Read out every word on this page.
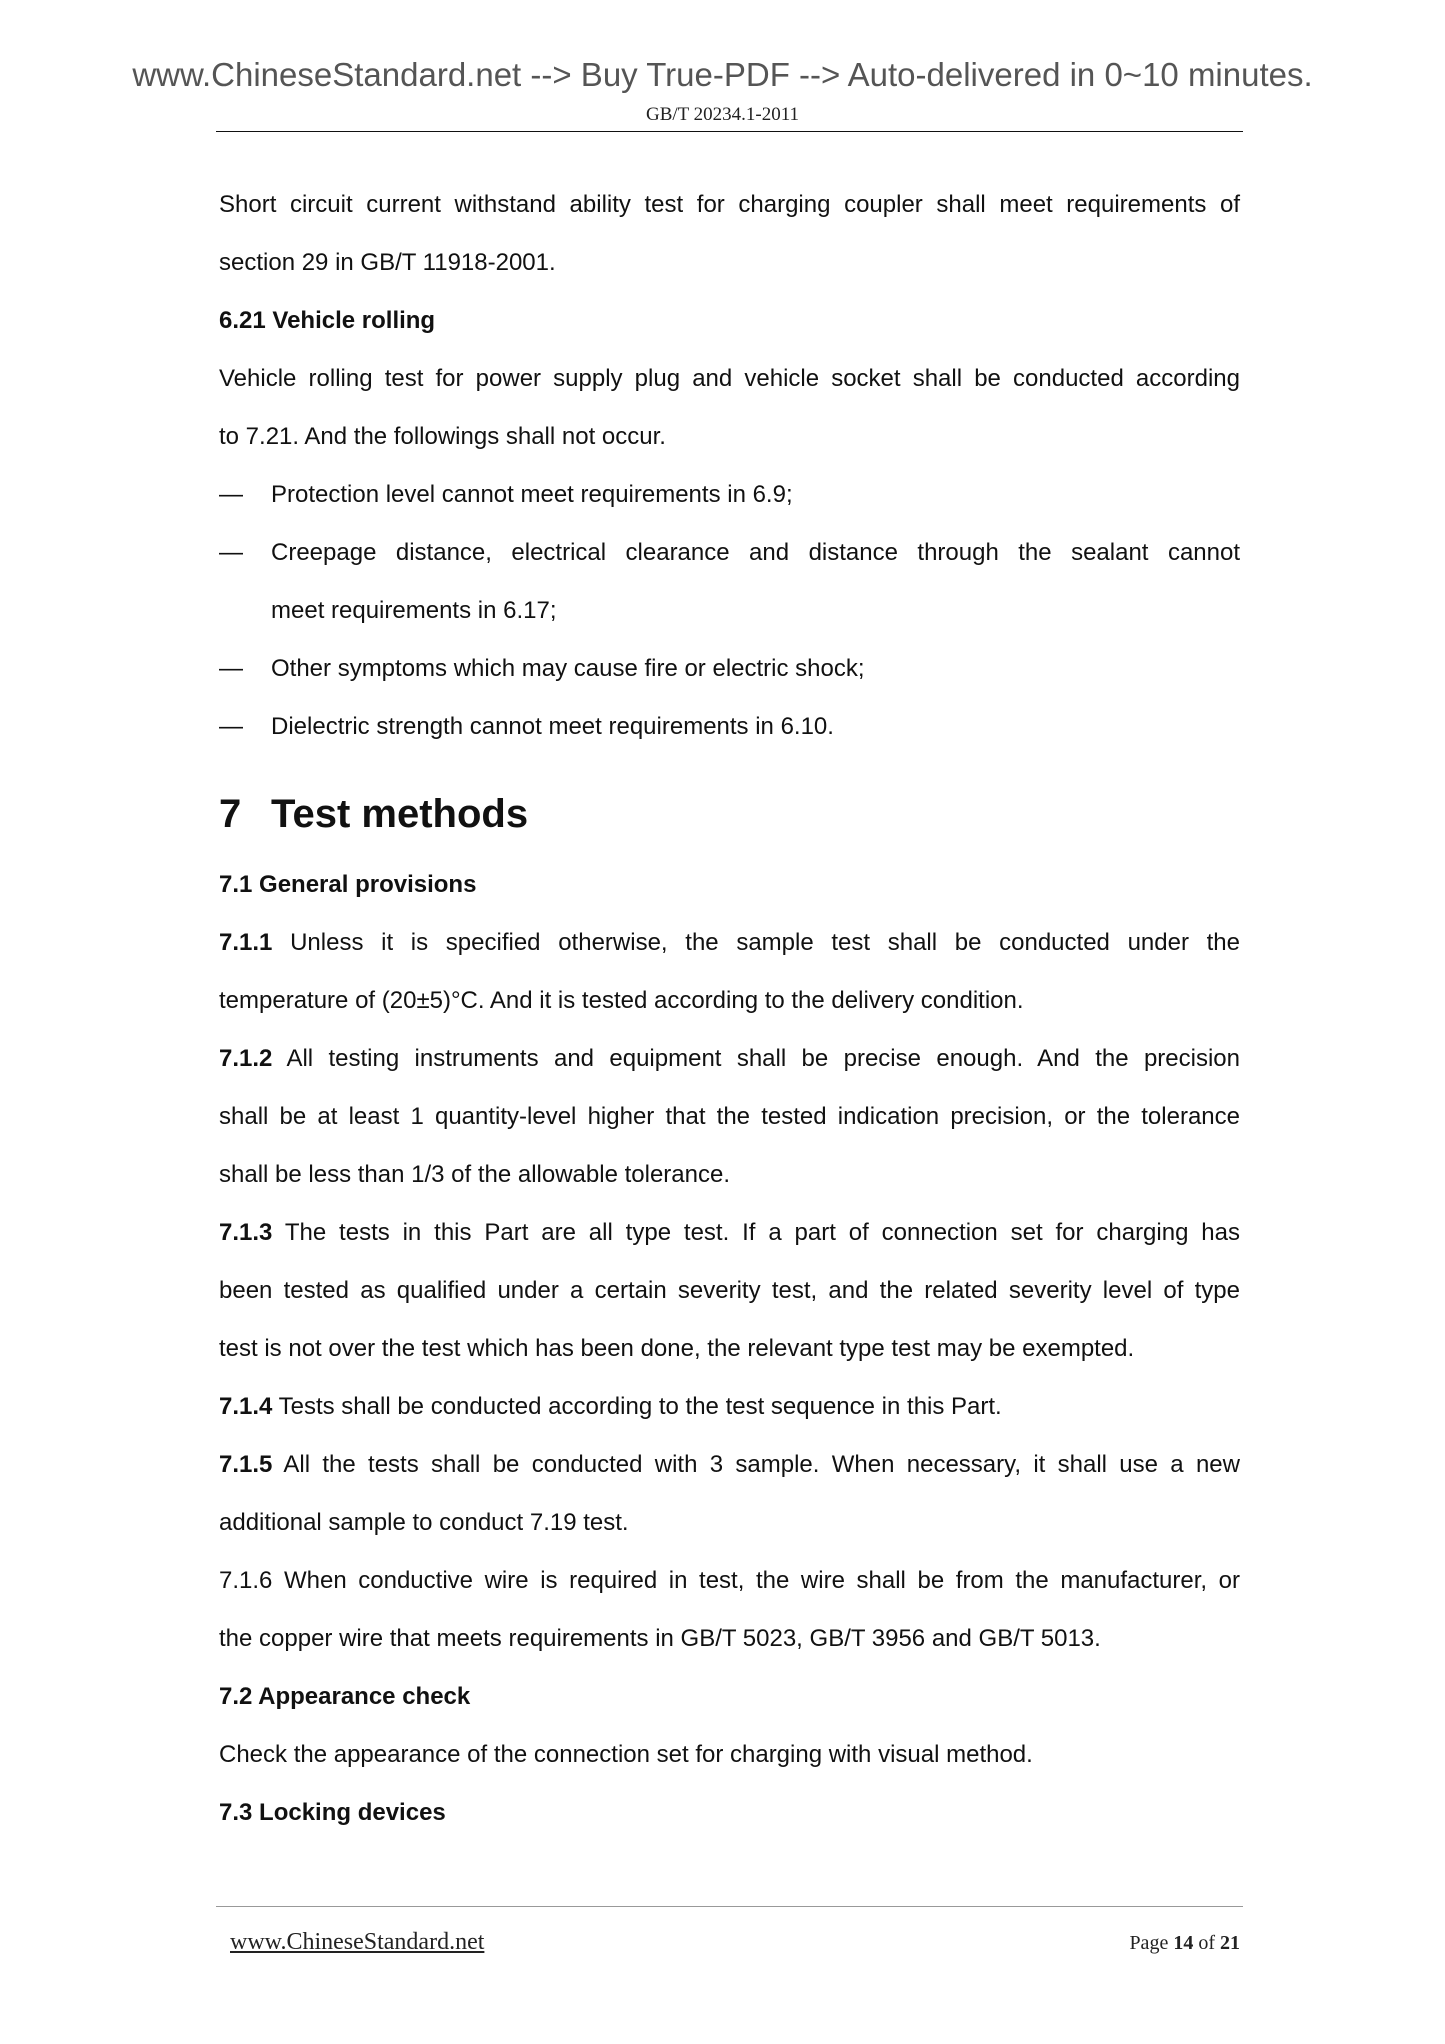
www.ChineseStandard.net --> Buy True-PDF --> Auto-delivered in 0~10 minutes.
GB/T 20234.1-2011

Short circuit current withstand ability test for charging coupler shall meet requirements of

section 29 in GB/T 11918-2001.

6.21 Vehicle rolling

Vehicle rolling test for power supply plug and vehicle socket shall be conducted according

to 7.21. And the followings shall not occur.

—	Protection level cannot meet requirements in 6.9;
—	Creepage distance, electrical clearance and distance through the sealant cannot
meet requirements in 6.17;
—	Other symptoms which may cause fire or electric shock;
—	Dielectric strength cannot meet requirements in 6.10.
7 Test methods

7.1 General provisions

7.1.1 Unless it is specified otherwise, the sample test shall be conducted under the

temperature of (20±5)°C. And it is tested according to the delivery condition.

7.1.2 All testing instruments and equipment shall be precise enough. And the precision

shall be at least 1 quantity-level higher that the tested indication precision, or the tolerance

shall be less than 1/3 of the allowable tolerance.

7.1.3 The tests in this Part are all type test. If a part of connection set for charging has

been tested as qualified under a certain severity test, and the related severity level of type

test is not over the test which has been done, the relevant type test may be exempted.

7.1.4 Tests shall be conducted according to the test sequence in this Part.

7.1.5 All the tests shall be conducted with 3 sample. When necessary, it shall use a new

additional sample to conduct 7.19 test.

7.1.6 When conductive wire is required in test, the wire shall be from the manufacturer, or

the copper wire that meets requirements in GB/T 5023, GB/T 3956 and GB/T 5013.

7.2 Appearance check

Check the appearance of the connection set for charging with visual method.

7.3 Locking devices

www.ChineseStandard.net	Page 14 of 21
